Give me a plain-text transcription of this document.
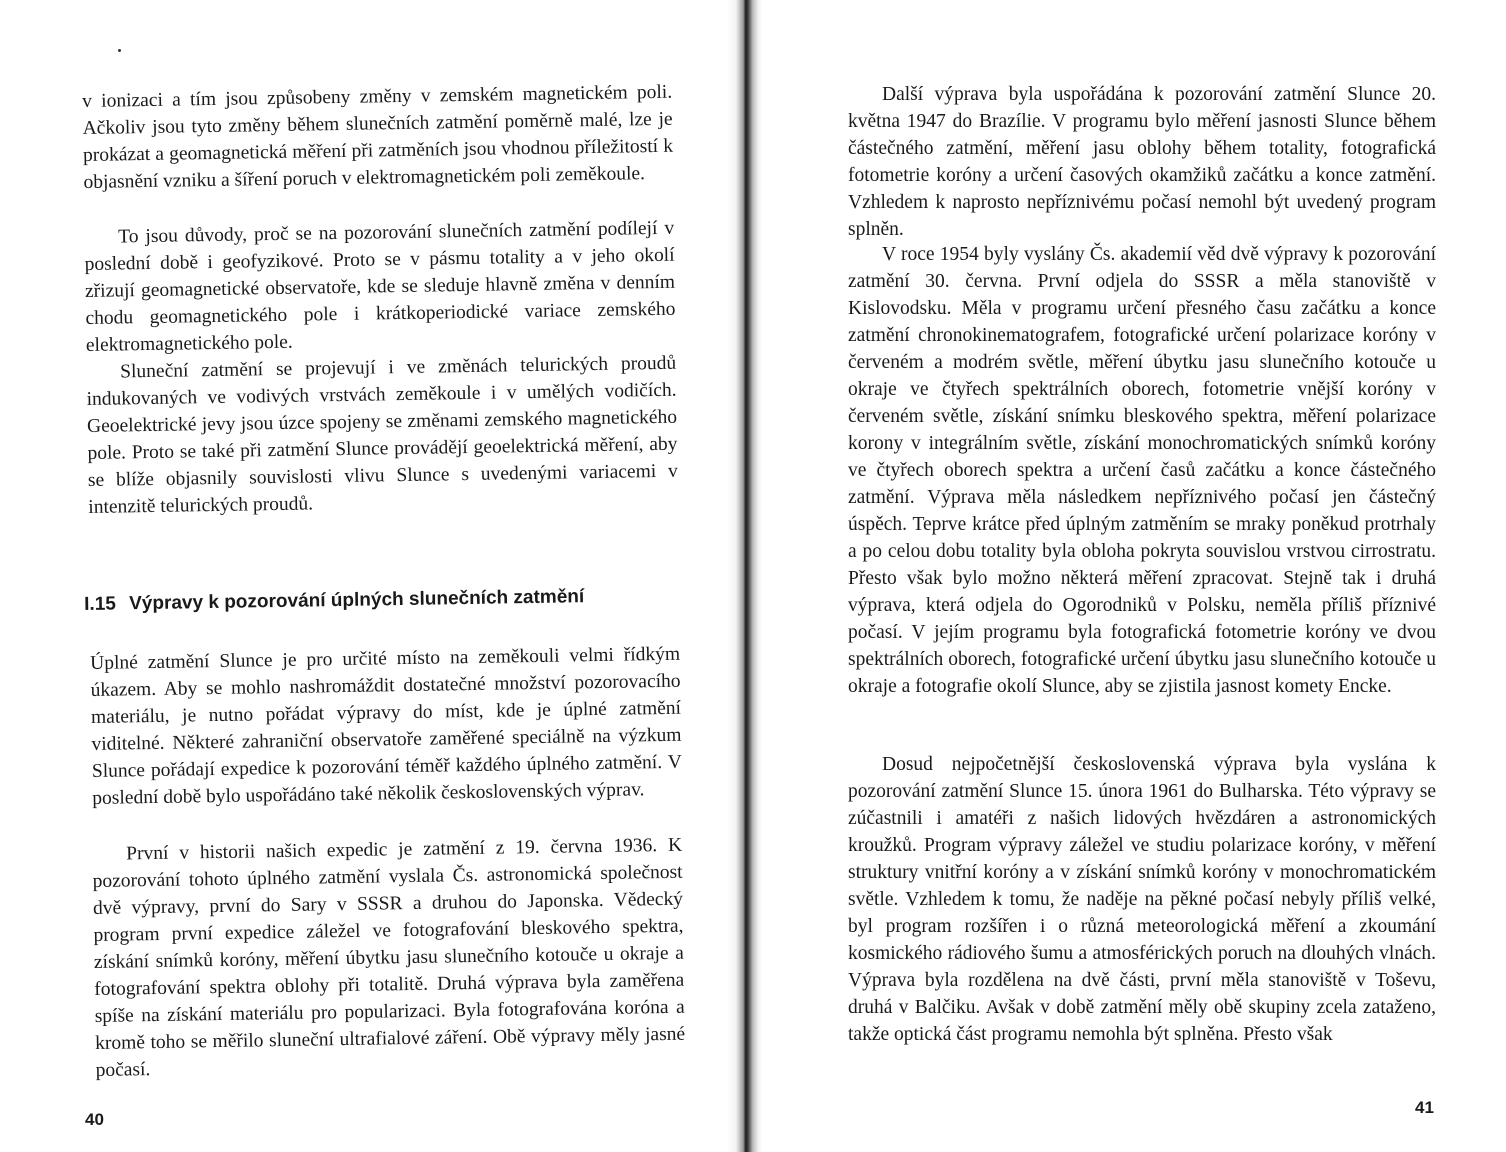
v ionizaci a tím jsou způsobeny změny v zemském magnetickém poli. Ačkoliv jsou tyto změny během slunečních zatmění poměrně malé, lze je prokázat a geomagnetická měření při zatměních jsou vhodnou příležitostí k objasnění vzniku a šíření poruch v elektromagnetickém poli zeměkoule.

To jsou důvody, proč se na pozorování slunečních zatmění podílejí v poslední době i geofyzikové. Proto se v pásmu totality a v jeho okolí zřizují geomagnetické observatoře, kde se sleduje hlavně změna v denním chodu geomagnetického pole i krátkoperiodické variace zemského elektromagnetického pole.

Sluneční zatmění se projevují i ve změnách telurických proudů indukovaných ve vodivých vrstvách zeměkoule i v umělých vodičích. Geoelektrické jevy jsou úzce spojeny se změnami zemského magnetického pole. Proto se také při zatmění Slunce provádějí geoelektrická měření, aby se blíže objasnily souvislosti vlivu Slunce s uvedenými variacemi v intenzitě telurických proudů.

I.15 Výpravy k pozorování úplných slunečních zatmění

Úplné zatmění Slunce je pro určité místo na zeměkouli velmi řídkým úkazem. Aby se mohlo nashromáždit dostatečné množství pozorovacího materiálu, je nutno pořádat výpravy do míst, kde je úplné zatmění viditelné. Některé zahraniční observatoře zaměřené speciálně na výzkum Slunce pořádají expedice k pozorování téměř každého úplného zatmění. V poslední době bylo uspořádáno také několik československých výprav.

První v historii našich expedic je zatmění z 19. června 1936. K pozorování tohoto úplného zatmění vyslala Čs. astronomická společnost dvě výpravy, první do Sary v SSSR a druhou do Japonska. Vědecký program první expedice záležel ve fotografování bleskového spektra, získání snímků koróny, měření úbytku jasu slunečního kotouče u okraje a fotografování spektra oblohy při totalitě. Druhá výprava byla zaměřena spíše na získání materiálu pro popularizaci. Byla fotografována koróna a kromě toho se měřilo sluneční ultrafialové záření. Obě výpravy měly jasné počasí.

40

Další výprava byla uspořádána k pozorování zatmění Slunce 20. května 1947 do Brazílie. V programu bylo měření jasnosti Slunce během částečného zatmění, měření jasu oblohy během totality, fotografická fotometrie koróny a určení časových okamžiků začátku a konce zatmění. Vzhledem k naprosto nepříznivému počasí nemohl být uvedený program splněn.

V roce 1954 byly vyslány Čs. akademií věd dvě výpravy k pozorování zatmění 30. června. První odjela do SSSR a měla stanoviště v Kislovodsku. Měla v programu určení přesného času začátku a konce zatmění chronokinematografem, fotografické určení polarizace koróny v červeném a modrém světle, měření úbytku jasu slunečního kotouče u okraje ve čtyřech spektrálních oborech, fotometrie vnější koróny v červeném světle, získání snímku bleskového spektra, měření polarizace korony v integrálním světle, získání monochromatických snímků koróny ve čtyřech oborech spektra a určení časů začátku a konce částečného zatmění. Výprava měla následkem nepříznivého počasí jen částečný úspěch. Teprve krátce před úplným zatměním se mraky poněkud protrhaly a po celou dobu totality byla obloha pokryta souvislou vrstvou cirrostratu. Přesto však bylo možno některá měření zpracovat. Stejně tak i druhá výprava, která odjela do Ogorodniků v Polsku, neměla příliš příznivé počasí. V jejím programu byla fotografická fotometrie koróny ve dvou spektrálních oborech, fotografické určení úbytku jasu slunečního kotouče u okraje a fotografie okolí Slunce, aby se zjistila jasnost komety Encke.

Dosud nejpočetnější československá výprava byla vyslána k pozorování zatmění Slunce 15. února 1961 do Bulharska. Této výpravy se zúčastnili i amatéři z našich lidových hvězdáren a astronomických kroužků. Program výpravy záležel ve studiu polarizace koróny, v měření struktury vnitřní koróny a v získání snímků koróny v monochromatickém světle. Vzhledem k tomu, že naděje na pěkné počasí nebyly příliš velké, byl program rozšířen i o různá meteorologická měření a zkoumání kosmického rádiového šumu a atmosférických poruch na dlouhých vlnách. Výprava byla rozdělena na dvě části, první měla stanoviště v Toševu, druhá v Balčiku. Avšak v době zatmění měly obě skupiny zcela zataženo, takže optická část programu nemohla být splněna. Přesto však

41
